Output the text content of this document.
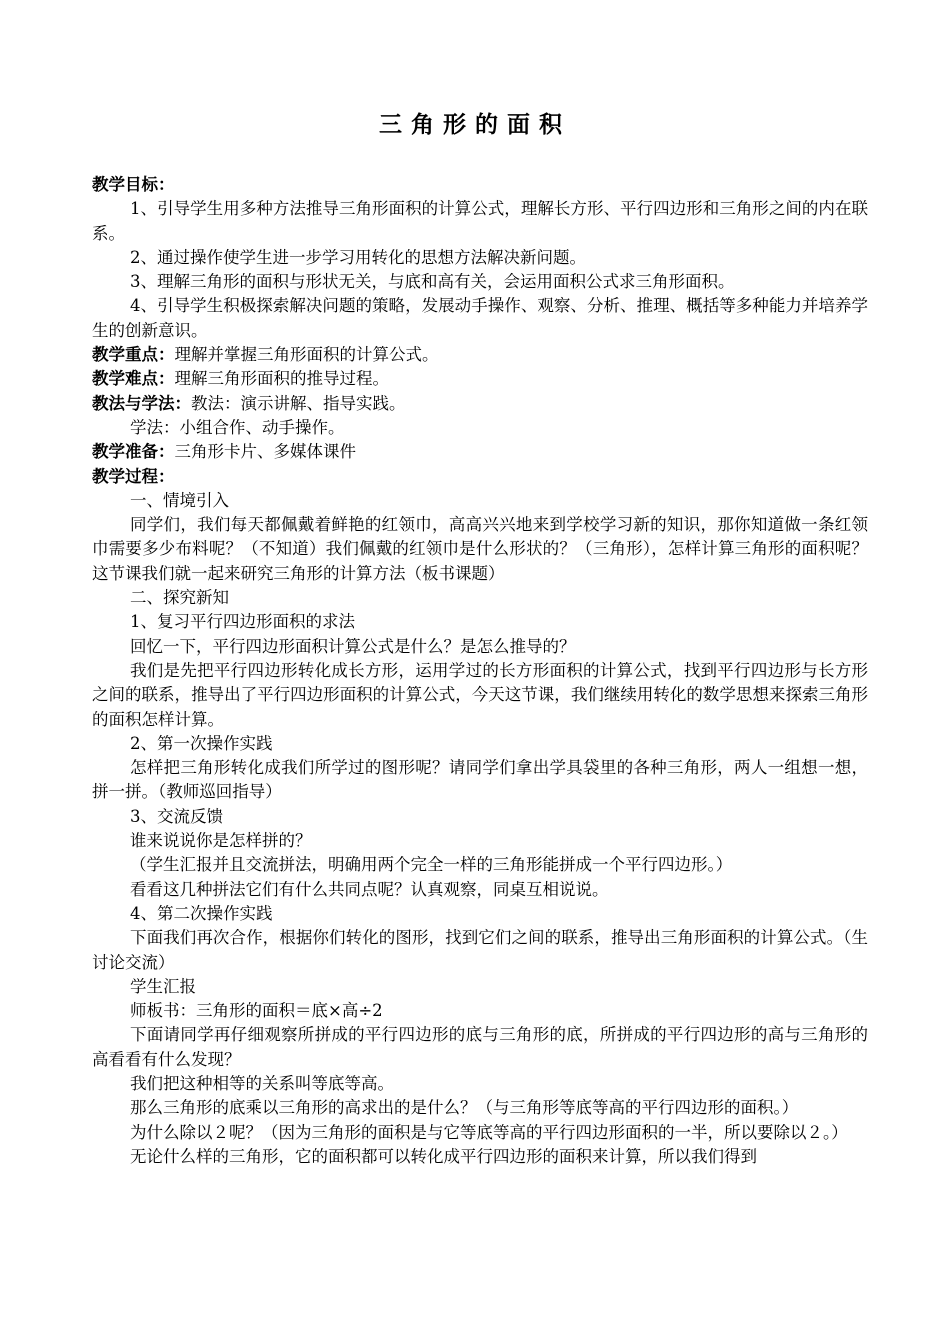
三角形的面积

教学目标：

1、引导学生用多种方法推导三角形面积的计算公式，理解长方形、平行四边形和三角形之间的内在联系。

2、通过操作使学生进一步学习用转化的思想方法解决新问题。

3、理解三角形的面积与形状无关，与底和高有关，会运用面积公式求三角形面积。

4、引导学生积极探索解决问题的策略，发展动手操作、观察、分析、推理、概括等多种能力并培养学生的创新意识。

教学重点：理解并掌握三角形面积的计算公式。

教学难点：理解三角形面积的推导过程。

教法与学法：教法：演示讲解、指导实践。

学法：小组合作、动手操作。

教学准备：三角形卡片、多媒体课件

教学过程：

一、情境引入

同学们，我们每天都佩戴着鲜艳的红领巾，高高兴兴地来到学校学习新的知识，那你知道做一条红领巾需要多少布料呢？（不知道）我们佩戴的红领巾是什么形状的？（三角形），怎样计算三角形的面积呢？这节课我们就一起来研究三角形的计算方法（板书课题）

二、探究新知

1、复习平行四边形面积的求法

回忆一下，平行四边形面积计算公式是什么？是怎么推导的？

我们是先把平行四边形转化成长方形，运用学过的长方形面积的计算公式，找到平行四边形与长方形之间的联系，推导出了平行四边形面积的计算公式，今天这节课，我们继续用转化的数学思想来探索三角形的面积怎样计算。

2、第一次操作实践

怎样把三角形转化成我们所学过的图形呢？请同学们拿出学具袋里的各种三角形，两人一组想一想，拼一拼。（教师巡回指导）

3、交流反馈

谁来说说你是怎样拼的？

（学生汇报并且交流拼法，明确用两个完全一样的三角形能拼成一个平行四边形。）

看看这几种拼法它们有什么共同点呢？认真观察，同桌互相说说。

4、第二次操作实践

下面我们再次合作，根据你们转化的图形，找到它们之间的联系，推导出三角形面积的计算公式。（生讨论交流）

学生汇报

师板书：三角形的面积＝底×高÷2

下面请同学再仔细观察所拼成的平行四边形的底与三角形的底，所拼成的平行四边形的高与三角形的高看看有什么发现？

我们把这种相等的关系叫等底等高。

那么三角形的底乘以三角形的高求出的是什么？（与三角形等底等高的平行四边形的面积。）

为什么除以２呢？（因为三角形的面积是与它等底等高的平行四边形面积的一半，所以要除以２。）

无论什么样的三角形，它的面积都可以转化成平行四边形的面积来计算，所以我们得到
